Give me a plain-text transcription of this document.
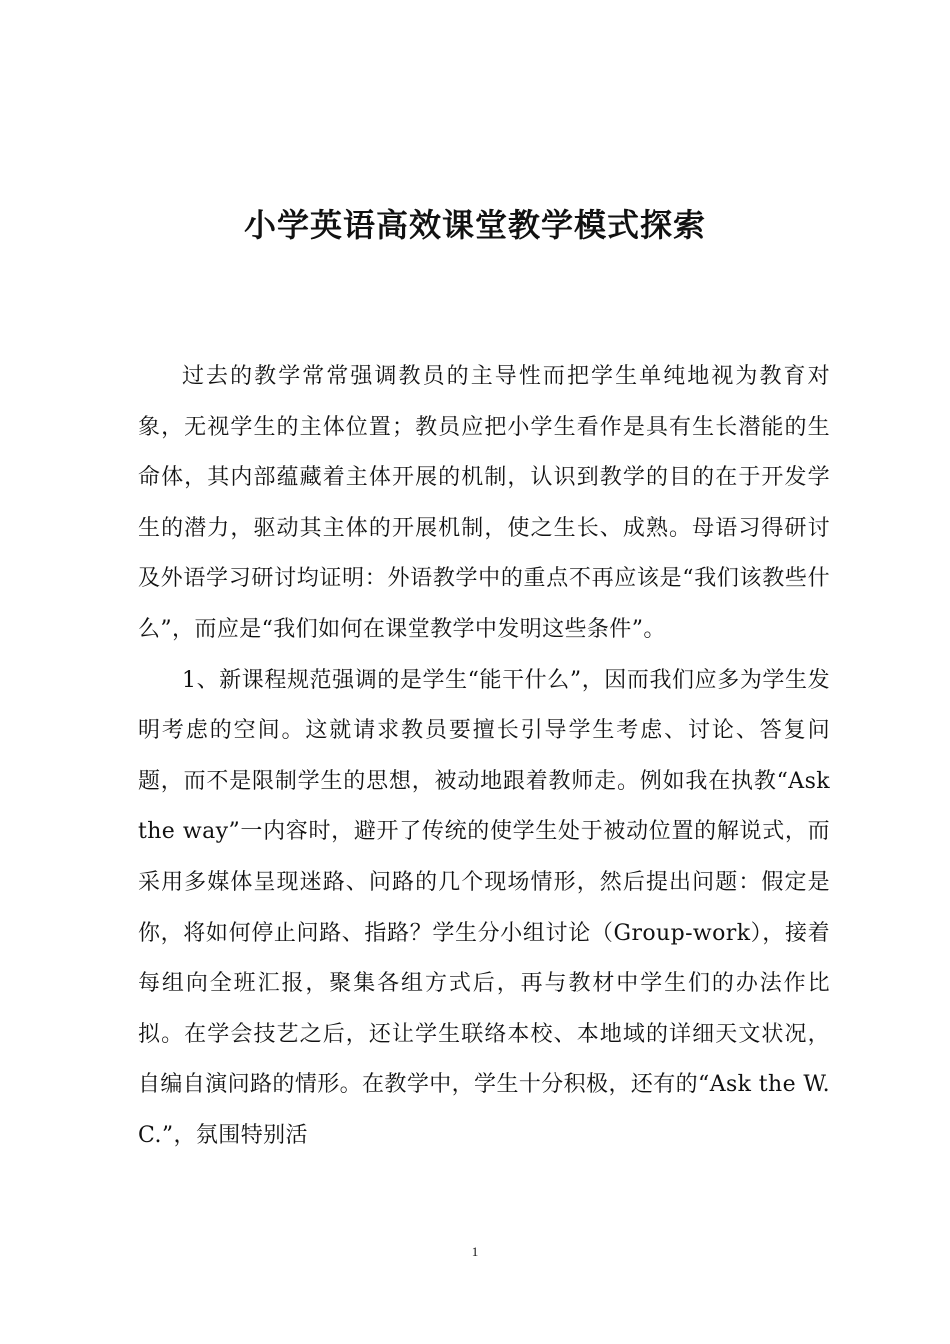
小学英语高效课堂教学模式探索

过去的教学常常强调教员的主导性而把学生单纯地视为教育对象，无视学生的主体位置；教员应把小学生看作是具有生长潜能的生命体，其内部蕴藏着主体开展的机制，认识到教学的目的在于开发学生的潜力，驱动其主体的开展机制，使之生长、成熟。母语习得研讨及外语学习研讨均证明：外语教学中的重点不再应该是“我们该教些什么”，而应是“我们如何在课堂教学中发明这些条件”。

1、新课程规范强调的是学生“能干什么”，因而我们应多为学生发明考虑的空间。这就请求教员要擅长引导学生考虑、讨论、答复问题，而不是限制学生的思想，被动地跟着教师走。例如我在执教“Ask the way”一内容时，避开了传统的使学生处于被动位置的解说式，而采用多媒体呈现迷路、问路的几个现场情形，然后提出问题：假定是你，将如何停止问路、指路？学生分小组讨论（Group-work），接着每组向全班汇报，聚集各组方式后，再与教材中学生们的办法作比拟。在学会技艺之后，还让学生联络本校、本地域的详细天文状况，自编自演问路的情形。在教学中，学生十分积极，还有的“Ask the W.C.”，氛围特别活

1
